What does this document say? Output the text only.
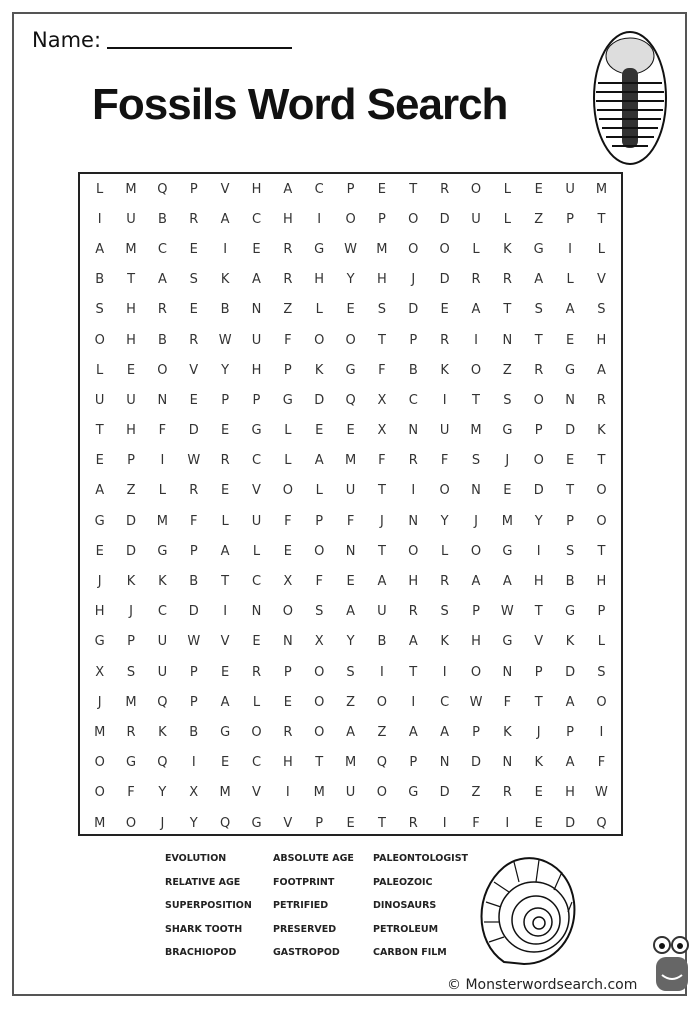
Name:
Fossils Word Search
L	M	Q	P	V	H	A	C	P	E	T	R	O	L	E	U	M
I	U	B	R	A	C	H	I	O	P	O	D	U	L	Z	P	T
A	M	C	E	I	E	R	G	W	M	O	O	L	K	G	I	L
B	T	A	S	K	A	R	H	Y	H	J	D	R	R	A	L	V
S	H	R	E	B	N	Z	L	E	S	D	E	A	T	S	A	S
O	H	B	R	W	U	F	O	O	T	P	R	I	N	T	E	H
L	E	O	V	Y	H	P	K	G	F	B	K	O	Z	R	G	A
U	U	N	E	P	P	G	D	Q	X	C	I	T	S	O	N	R
T	H	F	D	E	G	L	E	E	X	N	U	M	G	P	D	K
E	P	I	W	R	C	L	A	M	F	R	F	S	J	O	E	T
A	Z	L	R	E	V	O	L	U	T	I	O	N	E	D	T	O
G	D	M	F	L	U	F	P	F	J	N	Y	J	M	Y	P	O
E	D	G	P	A	L	E	O	N	T	O	L	O	G	I	S	T
J	K	K	B	T	C	X	F	E	A	H	R	A	A	H	B	H
H	J	C	D	I	N	O	S	A	U	R	S	P	W	T	G	P
G	P	U	W	V	E	N	X	Y	B	A	K	H	G	V	K	L
X	S	U	P	E	R	P	O	S	I	T	I	O	N	P	D	S
J	M	Q	P	A	L	E	O	Z	O	I	C	W	F	T	A	O
M	R	K	B	G	O	R	O	A	Z	A	A	P	K	J	P	I
O	G	Q	I	E	C	H	T	M	Q	P	N	D	N	K	A	F
O	F	Y	X	M	V	I	M	U	O	G	D	Z	R	E	H	W
M	O	J	Y	Q	G	V	P	E	T	R	I	F	I	E	D	Q
EVOLUTION	ABSOLUTE AGE	PALEONTOLOGIST
RELATIVE AGE	FOOTPRINT	PALEOZOIC
SUPERPOSITION	PETRIFIED	DINOSAURS
SHARK TOOTH	PRESERVED	PETROLEUM
BRACHIOPOD	GASTROPOD	CARBON FILM
© Monsterwordsearch.com
